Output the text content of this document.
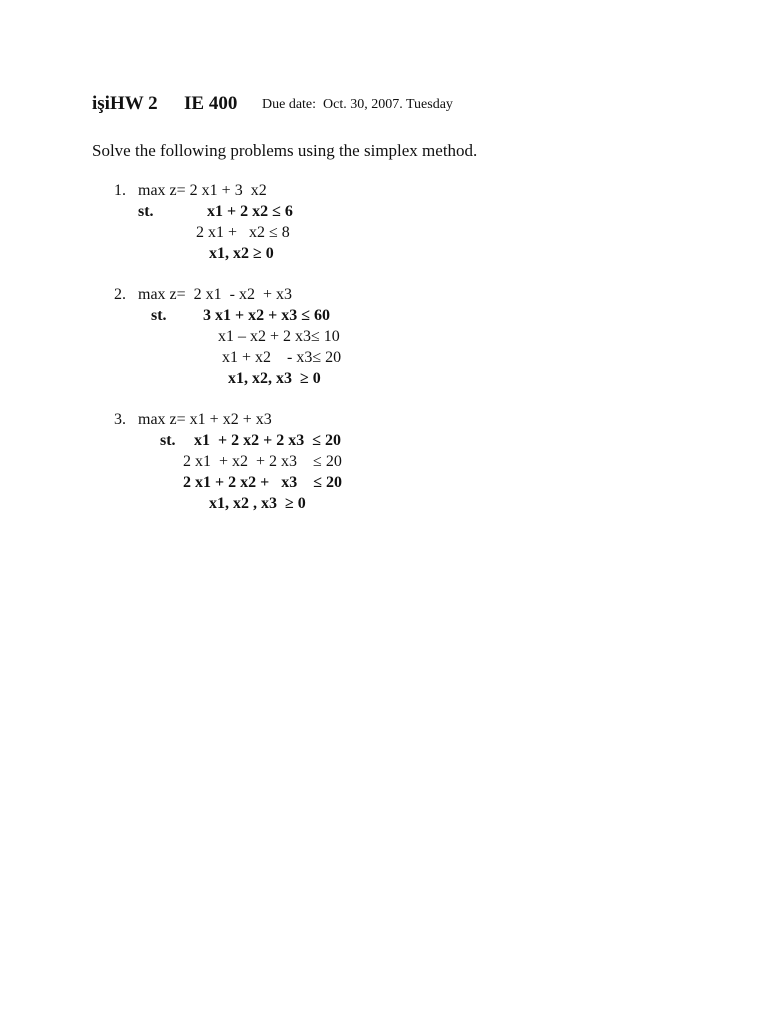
işiHW 2 IE 400 Due date:  Oct. 30, 2007. Tuesday
Solve the following problems using the simplex method.
1. max z= 2 x1 + 3  x2
st.	x1 + 2 x2 ≤ 6
2 x1 +   x2 ≤ 8
x1, x2 ≥ 0
2. max z=  2 x1  - x2  + x3
st. 3 x1 + x2 + x3 ≤ 60
x1 – x2 + 2 x3≤ 10
x1 + x2    - x3≤ 20
x1, x2, x3  ≥ 0
3. max z= x1 + x2 + x3
st. x1  + 2 x2 + 2 x3  ≤ 20
2 x1  + x2  + 2 x3    ≤ 20
2 x1 + 2 x2 +   x3    ≤ 20
x1, x2 , x3  ≥ 0
